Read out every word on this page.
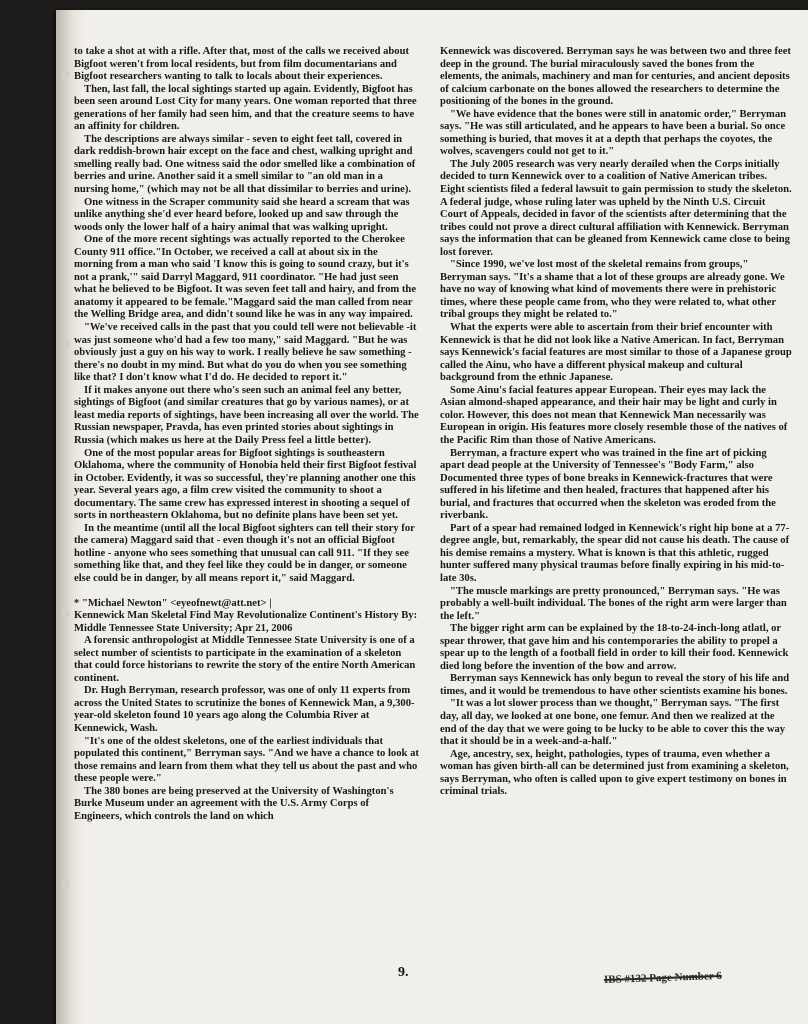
to take a shot at with a rifle. After that, most of the calls we received about Bigfoot weren't from local residents, but from film documentarians and Bigfoot researchers wanting to talk to locals about their experiences.

Then, last fall, the local sightings started up again. Evidently, Bigfoot has been seen around Lost City for many years. One woman reported that three generations of her family had seen him, and that the creature seems to have an affinity for children.

The descriptions are always similar - seven to eight feet tall, covered in dark reddish-brown hair except on the face and chest, walking upright and smelling really bad. One witness said the odor smelled like a combination of berries and urine. Another said it a smell similar to "an old man in a nursing home," (which may not be all that dissimilar to berries and urine).

One witness in the Scraper community said she heard a scream that was unlike anything she'd ever heard before, looked up and saw through the woods only the lower half of a hairy animal that was walking upright.

One of the more recent sightings was actually reported to the Cherokee County 911 office."In October, we received a call at about six in the morning from a man who said 'I know this is going to sound crazy, but it's not a prank,'" said Darryl Maggard, 911 coordinator. "He had just seen what he believed to be Bigfoot. It was seven feet tall and hairy, and from the anatomy it appeared to be female."Maggard said the man called from near the Welling Bridge area, and didn't sound like he was in any way impaired.

"We've received calls in the past that you could tell were not believable -it was just someone who'd had a few too many," said Maggard. "But he was obviously just a guy on his way to work. I really believe he saw something - there's no doubt in my mind. But what do you do when you see something like that? I don't know what I'd do. He decided to report it."

If it makes anyone out there who's seen such an animal feel any better, sightings of Bigfoot (and similar creatures that go by various names), or at least media reports of sightings, have been increasing all over the world. The Russian newspaper, Pravda, has even printed stories about sightings in Russia (which makes us here at the Daily Press feel a little better).

One of the most popular areas for Bigfoot sightings is southeastern Oklahoma, where the community of Honobia held their first Bigfoot festival in October. Evidently, it was so successful, they're planning another one this year. Several years ago, a film crew visited the community to shoot a documentary. The same crew has expressed interest in shooting a sequel of sorts in northeastern Oklahoma, but no definite plans have been set yet.

In the meantime (until all the local Bigfoot sighters can tell their story for the camera) Maggard said that - even though it's not an official Bigfoot hotline - anyone who sees something that unusual can call 911. "If they see something like that, and they feel like they could be in danger, or someone else could be in danger, by all means report it," said Maggard.

* "Michael Newton" <eyeofnewt@att.net> |

Kennewick Man Skeletal Find May Revolutionalize Continent's History By: Middle Tennessee State University; Apr 21, 2006

A forensic anthropologist at Middle Tennessee State University is one of a select number of scientists to participate in the examination of a skeleton that could force historians to rewrite the story of the entire North American continent.

Dr. Hugh Berryman, research professor, was one of only 11 experts from across the United States to scrutinize the bones of Kennewick Man, a 9,300-year-old skeleton found 10 years ago along the Columbia River at Kennewick, Wash.

"It's one of the oldest skeletons, one of the earliest individuals that populated this continent," Berryman says. "And we have a chance to look at those remains and learn from them what they tell us about the past and who these people were."

The 380 bones are being preserved at the University of Washington's Burke Museum under an agreement with the U.S. Army Corps of Engineers, which controls the land on which

Kennewick was discovered. Berryman says he was between two and three feet deep in the ground. The burial miraculously saved the bones from the elements, the animals, machinery and man for centuries, and ancient deposits of calcium carbonate on the bones allowed the researchers to determine the positioning of the bones in the ground.

"We have evidence that the bones were still in anatomic order," Berryman says. "He was still articulated, and he appears to have been a burial. So once something is buried, that moves it at a depth that perhaps the coyotes, the wolves, scavengers could not get to it."

The July 2005 research was very nearly derailed when the Corps initially decided to turn Kennewick over to a coalition of Native American tribes. Eight scientists filed a federal lawsuit to gain permission to study the skeleton. A federal judge, whose ruling later was upheld by the Ninth U.S. Circuit Court of Appeals, decided in favor of the scientists after determining that the tribes could not prove a direct cultural affiliation with Kennewick. Berryman says the information that can be gleaned from Kennewick came close to being lost forever.

"Since 1990, we've lost most of the skeletal remains from groups," Berryman says. "It's a shame that a lot of these groups are already gone. We have no way of knowing what kind of movements there were in prehistoric times, where these people came from, who they were related to, what other tribal groups they might be related to."

What the experts were able to ascertain from their brief encounter with Kennewick is that he did not look like a Native American. In fact, Berryman says Kennewick's facial features are most similar to those of a Japanese group called the Ainu, who have a different physical makeup and cultural background from the ethnic Japanese.

Some Ainu's facial features appear European. Their eyes may lack the Asian almond-shaped appearance, and their hair may be light and curly in color. However, this does not mean that Kennewick Man necessarily was European in origin. His features more closely resemble those of the natives of the Pacific Rim than those of Native Americans.

Berryman, a fracture expert who was trained in the fine art of picking apart dead people at the University of Tennessee's "Body Farm," also Documented three types of bone breaks in Kennewick-fractures that were suffered in his lifetime and then healed, fractures that happened after his burial, and fractures that occurred when the skeleton was eroded from the riverbank.

Part of a spear had remained lodged in Kennewick's right hip bone at a 77-degree angle, but, remarkably, the spear did not cause his death. The cause of his demise remains a mystery. What is known is that this athletic, rugged hunter suffered many physical traumas before finally expiring in his mid-to-late 30s.

"The muscle markings are pretty pronounced," Berryman says. "He was probably a well-built individual. The bones of the right arm were larger than the left."

The bigger right arm can be explained by the 18-to-24-inch-long atlatl, or spear thrower, that gave him and his contemporaries the ability to propel a spear up to the length of a football field in order to kill their food. Kennewick died long before the invention of the bow and arrow.

Berryman says Kennewick has only begun to reveal the story of his life and times, and it would be tremendous to have other scientists examine his bones.

"It was a lot slower process than we thought," Berryman says. "The first day, all day, we looked at one bone, one femur. And then we realized at the end of the day that we were going to be lucky to be able to cover this the way that it should be in a week-and-a-half."

Age, ancestry, sex, height, pathologies, types of trauma, even whether a woman has given birth-all can be determined just from examining a skeleton, says Berryman, who often is called upon to give expert testimony on bones in criminal trials.

9.	IBS #132 Page Number 6
